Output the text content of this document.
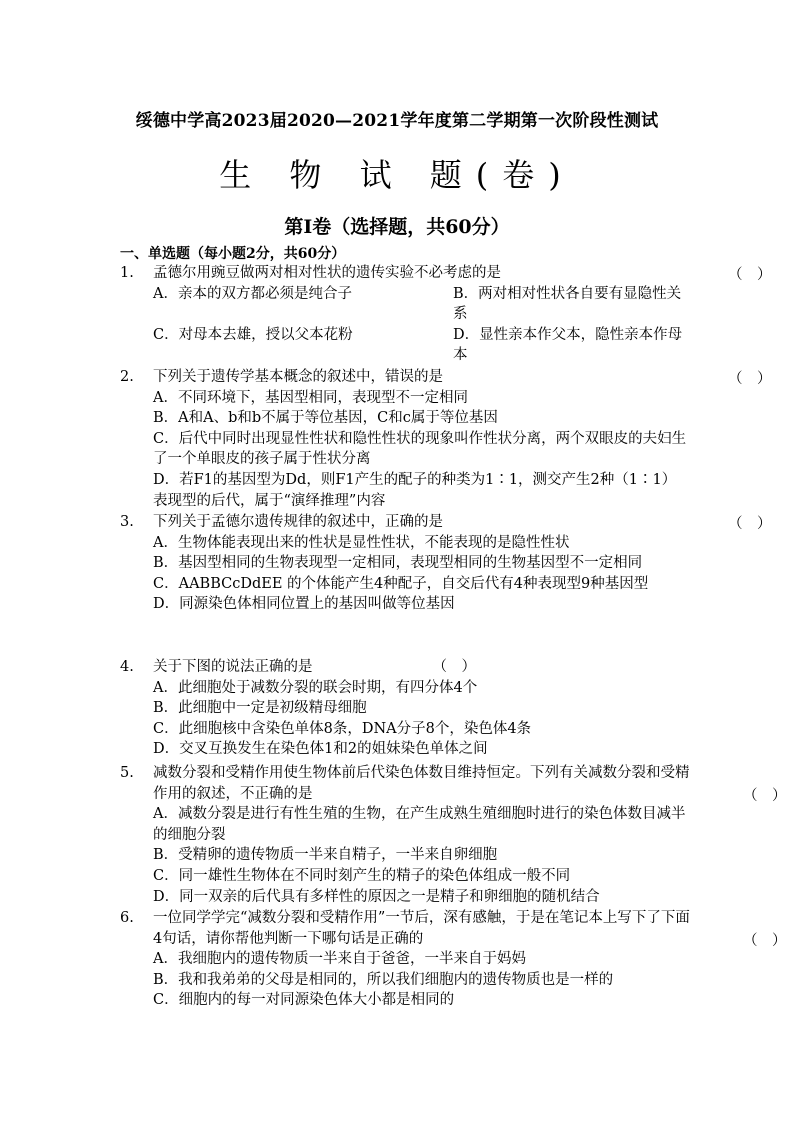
绥德中学高2023届2020—2021学年度第二学期第一次阶段性测试
生 物 试 题(卷)
第Ⅰ卷（选择题，共60分）
一、单选题（每小题2分，共60分）
1.	孟德尔用豌豆做两对相对性状的遗传实验不必考虑的是
A．亲本的双方都必须是纯合子	B．两对相对性状各自要有显隐性关系
C．对母本去雄，授以父本花粉	D．显性亲本作父本，隐性亲本作母本
（　）
2.	下列关于遗传学基本概念的叙述中，错误的是
A．不同环境下，基因型相同，表现型不一定相同
B．A和A、b和b不属于等位基因，C和c属于等位基因
C．后代中同时出现显性性状和隐性性状的现象叫作性状分离，两个双眼皮的夫妇生了一个单眼皮的孩子属于性状分离
D．若F1的基因型为Dd，则F1产生的配子的种类为1∶1，测交产生2种（1∶1）表现型的后代，属于“演绎推理”内容
（　）
3.	下列关于孟德尔遗传规律的叙述中，正确的是
A．生物体能表现出来的性状是显性性状，不能表现的是隐性性状
B．基因型相同的生物表现型一定相同，表现型相同的生物基因型不一定相同
C．AABBCcDdEE 的个体能产生4种配子，自交后代有4种表现型9种基因型
D．同源染色体相同位置上的基因叫做等位基因
（　）
4.	关于下图的说法正确的是	（　）
A．此细胞处于减数分裂的联会时期，有四分体4个
B．此细胞中一定是初级精母细胞
C．此细胞核中含染色单体8条，DNA分子8个，染色体4条
D．交叉互换发生在染色体1和2的姐妹染色单体之间
5.	减数分裂和受精作用使生物体前后代染色体数目维持恒定。下列有关减数分裂和受精作用的叙述，不正确的是
A．减数分裂是进行有性生殖的生物，在产生成熟生殖细胞时进行的染色体数目减半的细胞分裂
B．受精卵的遗传物质一半来自精子，一半来自卵细胞
C．同一雄性生物体在不同时刻产生的精子的染色体组成一般不同
D．同一双亲的后代具有多样性的原因之一是精子和卵细胞的随机结合
（　）
6.	一位同学学完“减数分裂和受精作用”一节后，深有感触，于是在笔记本上写下了下面4句话，请你帮他判断一下哪句话是正确的
A．我细胞内的遗传物质一半来自于爸爸，一半来自于妈妈
B．我和我弟弟的父母是相同的，所以我们细胞内的遗传物质也是一样的
C．细胞内的每一对同源染色体大小都是相同的
（　）
